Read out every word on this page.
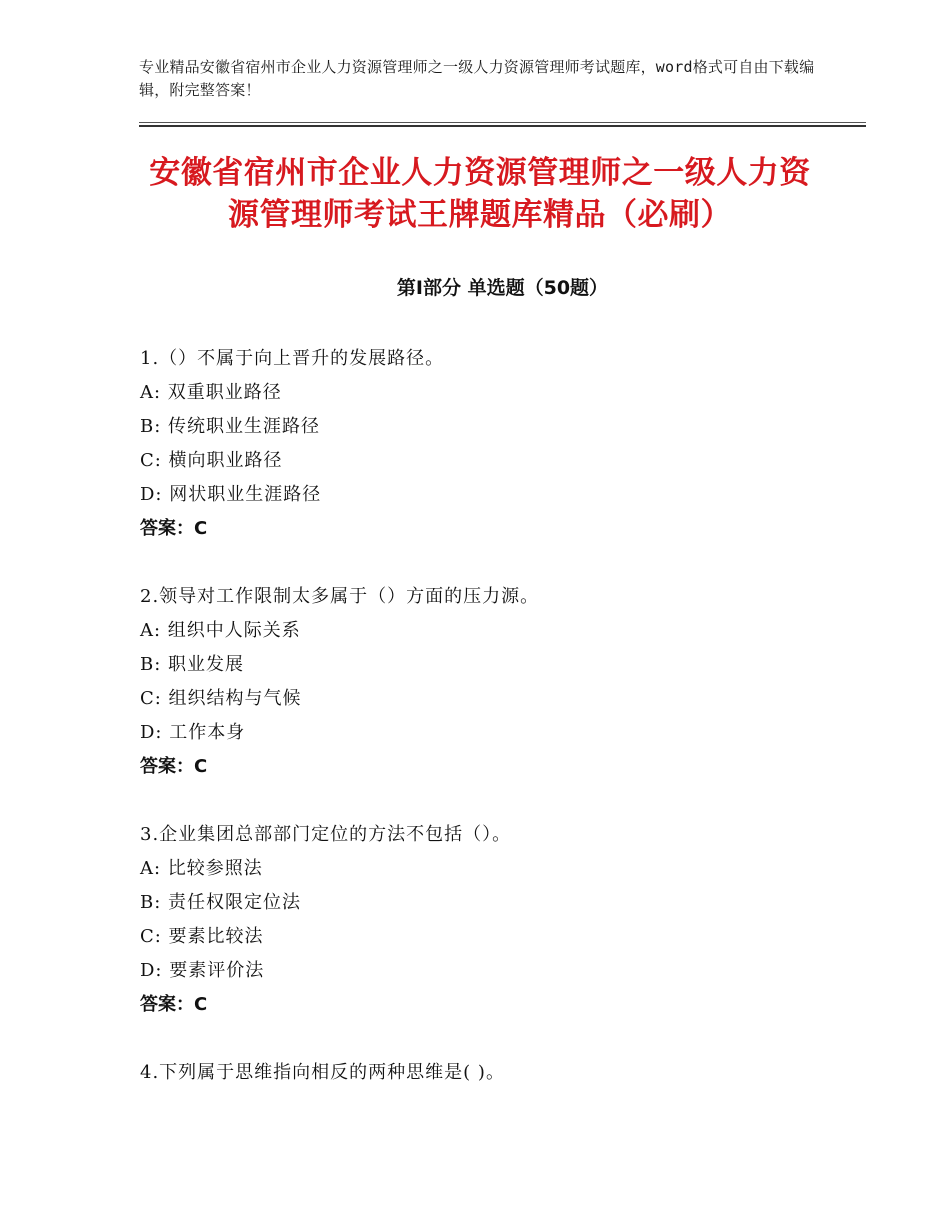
专业精品安徽省宿州市企业人力资源管理师之一级人力资源管理师考试题库，word格式可自由下载编辑，附完整答案！
安徽省宿州市企业人力资源管理师之一级人力资源管理师考试王牌题库精品（必刷）
第Ⅰ部分 单选题（50题）
1.（）不属于向上晋升的发展路径。
A: 双重职业路径
B: 传统职业生涯路径
C: 横向职业路径
D: 网状职业生涯路径
答案：C
2.领导对工作限制太多属于（）方面的压力源。
A: 组织中人际关系
B: 职业发展
C: 组织结构与气候
D: 工作本身
答案：C
3.企业集团总部部门定位的方法不包括（）。
A: 比较参照法
B: 责任权限定位法
C: 要素比较法
D: 要素评价法
答案：C
4.下列属于思维指向相反的两种思维是( )。
